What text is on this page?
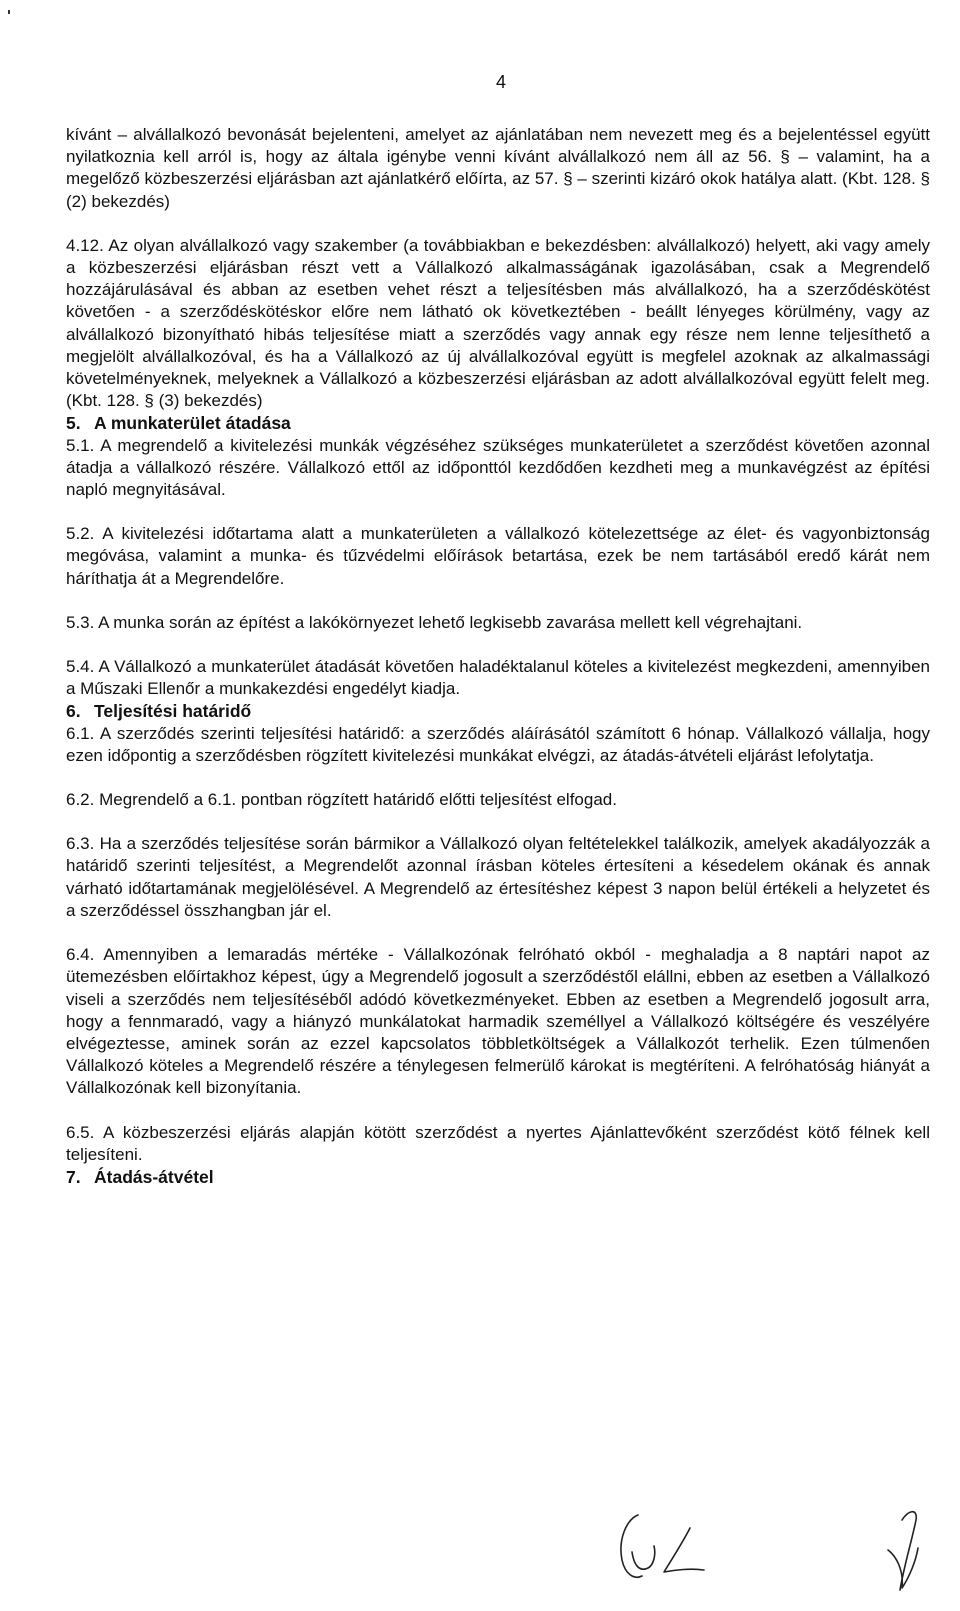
4

kívánt – alvállalkozó bevonását bejelenteni, amelyet az ajánlatában nem nevezett meg és a bejelentéssel együtt nyilatkoznia kell arról is, hogy az általa igénybe venni kívánt alvállalkozó nem áll az 56. § – valamint, ha a megelőző közbeszerzési eljárásban azt ajánlatkérő előírta, az 57. § – szerinti kizáró okok hatálya alatt. (Kbt. 128. § (2) bekezdés)

4.12. Az olyan alvállalkozó vagy szakember (a továbbiakban e bekezdésben: alvállalkozó) helyett, aki vagy amely a közbeszerzési eljárásban részt vett a Vállalkozó alkalmasságának igazolásában, csak a Megrendelő hozzájárulásával és abban az esetben vehet részt a teljesítésben más alvállalkozó, ha a szerződéskötést követően - a szerződéskötéskor előre nem látható ok következtében - beállt lényeges körülmény, vagy az alvállalkozó bizonyítható hibás teljesítése miatt a szerződés vagy annak egy része nem lenne teljesíthető a megjelölt alvállalkozóval, és ha a Vállalkozó az új alvállalkozóval együtt is megfelel azoknak az alkalmassági követelményeknek, melyeknek a Vállalkozó a közbeszerzési eljárásban az adott alvállalkozóval együtt felelt meg. (Kbt. 128. § (3) bekezdés)

5. A munkaterület átadása

5.1. A megrendelő a kivitelezési munkák végzéséhez szükséges munkaterületet a szerződést követően azonnal átadja a vállalkozó részére. Vállalkozó ettől az időponttól kezdődően kezdheti meg a munkavégzést az építési napló megnyitásával.

5.2. A kivitelezési időtartama alatt a munkaterületen a vállalkozó kötelezettsége az élet- és vagyonbiztonság megóvása, valamint a munka- és tűzvédelmi előírások betartása, ezek be nem tartásából eredő kárát nem háríthatja át a Megrendelőre.

5.3. A munka során az építést a lakókörnyezet lehető legkisebb zavarása mellett kell végrehajtani.

5.4. A Vállalkozó a munkaterület átadását követően haladéktalanul köteles a kivitelezést megkezdeni, amennyiben a Műszaki Ellenőr a munkakezdési engedélyt kiadja.

6. Teljesítési határidő

6.1. A szerződés szerinti teljesítési határidő: a szerződés aláírásától számított 6 hónap. Vállalkozó vállalja, hogy ezen időpontig a szerződésben rögzített kivitelezési munkákat elvégzi, az átadás-átvételi eljárást lefolytatja.

6.2. Megrendelő a 6.1. pontban rögzített határidő előtti teljesítést elfogad.

6.3. Ha a szerződés teljesítése során bármikor a Vállalkozó olyan feltételekkel találkozik, amelyek akadályozzák a határidő szerinti teljesítést, a Megrendelőt azonnal írásban köteles értesíteni a késedelem okának és annak várható időtartamának megjelölésével. A Megrendelő az értesítéshez képest 3 napon belül értékeli a helyzetet és a szerződéssel összhangban jár el.

6.4. Amennyiben a lemaradás mértéke - Vállalkozónak felróható okból - meghaladja a 8 naptári napot az ütemezésben előírtakhoz képest, úgy a Megrendelő jogosult a szerződéstől elállni, ebben az esetben a Vállalkozó viseli a szerződés nem teljesítéséből adódó következményeket. Ebben az esetben a Megrendelő jogosult arra, hogy a fennmaradó, vagy a hiányzó munkálatokat harmadik személlyel a Vállalkozó költségére és veszélyére elvégeztesse, aminek során az ezzel kapcsolatos többletköltségek a Vállalkozót terhelik. Ezen túlmenően Vállalkozó köteles a Megrendelő részére a ténylegesen felmerülő károkat is megtéríteni. A felróhatóság hiányát a Vállalkozónak kell bizonyítania.

6.5. A közbeszerzési eljárás alapján kötött szerződést a nyertes Ajánlattevőként szerződést kötő félnek kell teljesíteni.

7. Átadás-átvétel
